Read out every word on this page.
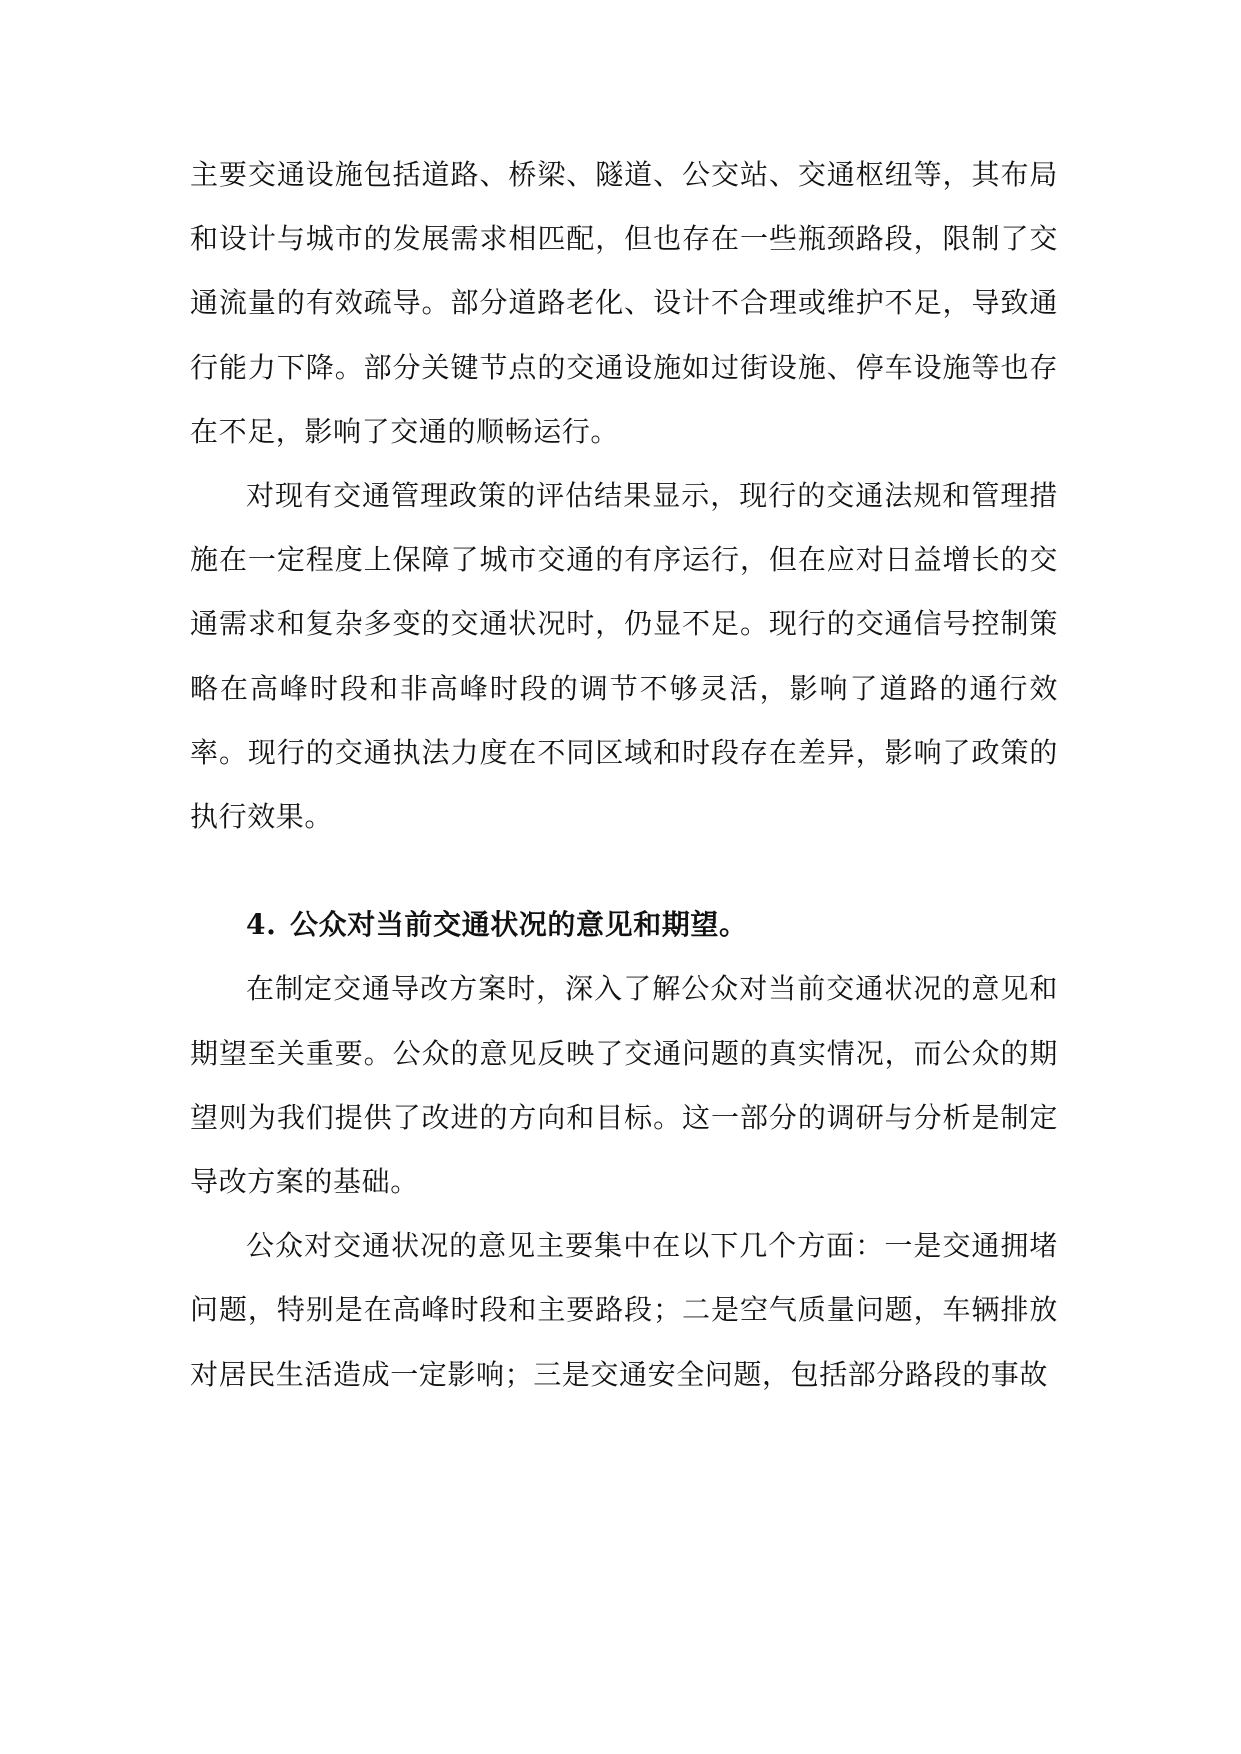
主要交通设施包括道路、桥梁、隧道、公交站、交通枢纽等，其布局和设计与城市的发展需求相匹配，但也存在一些瓶颈路段，限制了交通流量的有效疏导。部分道路老化、设计不合理或维护不足，导致通行能力下降。部分关键节点的交通设施如过街设施、停车设施等也存在不足，影响了交通的顺畅运行。

对现有交通管理政策的评估结果显示，现行的交通法规和管理措施在一定程度上保障了城市交通的有序运行，但在应对日益增长的交通需求和复杂多变的交通状况时，仍显不足。现行的交通信号控制策略在高峰时段和非高峰时段的调节不够灵活，影响了道路的通行效率。现行的交通执法力度在不同区域和时段存在差异，影响了政策的执行效果。

4. 公众对当前交通状况的意见和期望。

在制定交通导改方案时，深入了解公众对当前交通状况的意见和期望至关重要。公众的意见反映了交通问题的真实情况，而公众的期望则为我们提供了改进的方向和目标。这一部分的调研与分析是制定导改方案的基础。

公众对交通状况的意见主要集中在以下几个方面：一是交通拥堵问题，特别是在高峰时段和主要路段；二是空气质量问题，车辆排放对居民生活造成一定影响；三是交通安全问题，包括部分路段的事故
